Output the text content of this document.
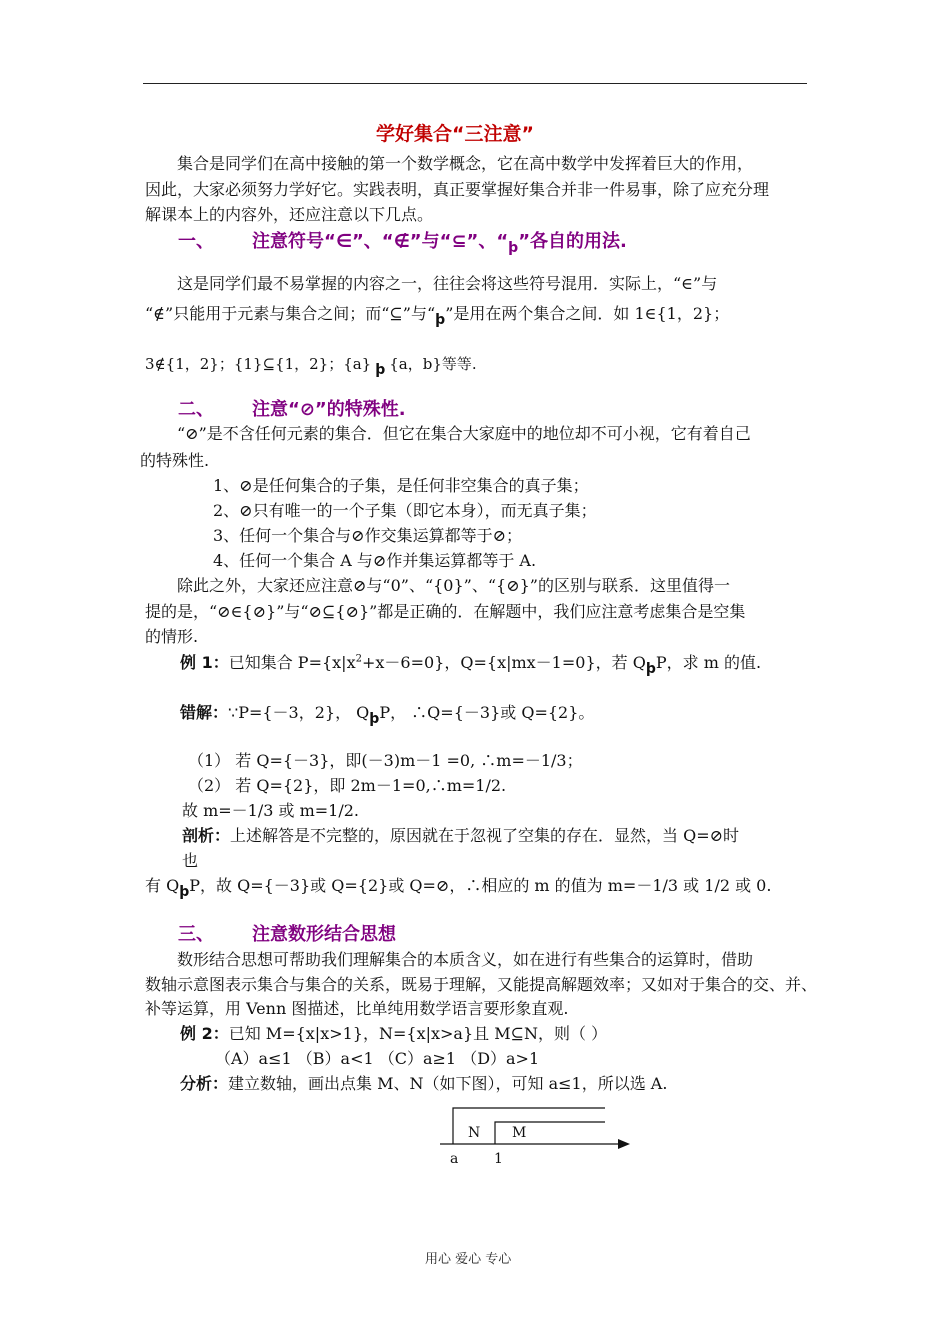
学好集合“三注意”
集合是同学们在高中接触的第一个数学概念，它在高中数学中发挥着巨大的作用，
因此，大家必须努力学好它。实践表明，真正要掌握好集合并非一件易事，除了应充分理
解课本上的内容外，还应注意以下几点。
一、 注意符号“∈”、“∉”与“⊆”、“$_þ$”各自的用法.
这是同学们最不易掌握的内容之一，往往会将这些符号混用．实际上，“∈”与
“∉”只能用于元素与集合之间；而“⊆”与“þ”是用在两个集合之间．如 1∈{1，2}；
3∉{1，2}；{1}⊆{1，2}；{a} þ {a，b}等等.
二、 注意“⊘”的特殊性.
“⊘”是不含任何元素的集合．但它在集合大家庭中的地位却不可小视，它有着自己
的特殊性.
1、⊘是任何集合的子集，是任何非空集合的真子集；
2、⊘只有唯一的一个子集（即它本身），而无真子集；
3、任何一个集合与⊘作交集运算都等于⊘；
4、任何一个集合 A 与⊘作并集运算都等于 A.
除此之外，大家还应注意⊘与“0”、“{0}”、“{⊘}”的区别与联系．这里值得一
提的是，“⊘∈{⊘}”与“⊘⊆{⊘}”都是正确的．在解题中，我们应注意考虑集合是空集
的情形.
例 1：已知集合 $P=\{x|x^2+x-6=0\}$，Q={x|mx－1=0}，若 QþP，求 m 的值.
错解：∵P={－3，2}， QþP， ∴Q={－3}或 Q={2}。
（1） 若 Q={－3}，即(－3)m－1 =0, ∴m=－1/3；
（2） 若 Q={2}，即 2m－1=0,∴m=1/2.
故 m=－1/3 或 m=1/2.
剖析：上述解答是不完整的，原因就在于忽视了空集的存在．显然，当 Q=⊘时
也
有 QþP，故 Q={－3}或 Q={2}或 Q=⊘，∴相应的 m 的值为 m=－1/3 或 1/2 或 0.
三、 注意数形结合思想
数形结合思想可帮助我们理解集合的本质含义，如在进行有些集合的运算时，借助
数轴示意图表示集合与集合的关系，既易于理解，又能提高解题效率；又如对于集合的交、并、
补等运算，用 Venn 图描述，比单纯用数学语言要形象直观.
例 2：已知 M={x|x>1}，N={x|x>a}且 M⊆N，则（ ）
（A）a≤1 （B）a<1 （C）a≥1 （D）a>1
分析：建立数轴，画出点集 M、N（如下图），可知 a≤1，所以选 A.
N M
a	1
用心 爱心 专心
